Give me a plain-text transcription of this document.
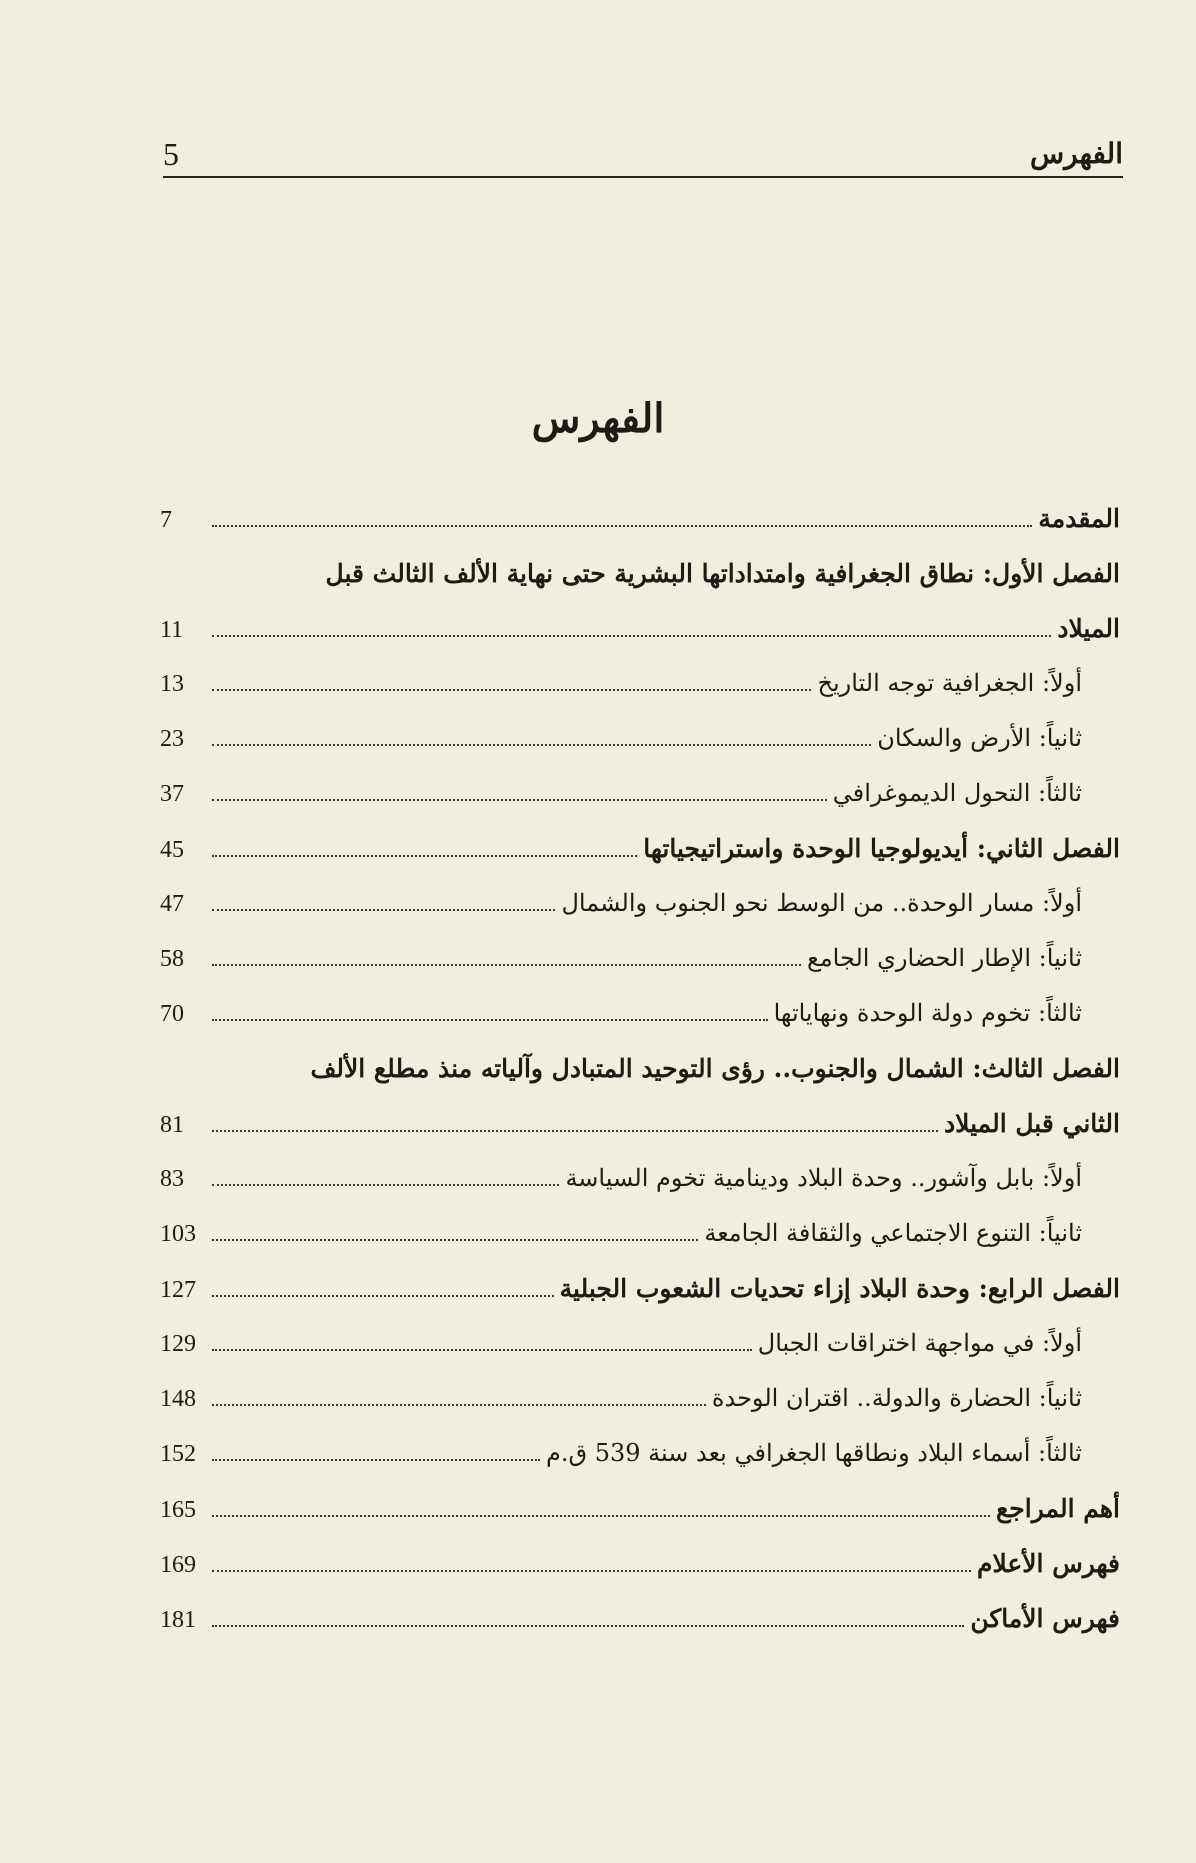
5	الفهرس
الفهرس
المقدمة
7
الفصل الأول: نطاق الجغرافية وامتداداتها البشرية حتى نهاية الألف الثالث قبل
الميلاد
11
أولاً: الجغرافية توجه التاريخ
13
ثانياً: الأرض والسكان
23
ثالثاً: التحول الديموغرافي
37
الفصل الثاني: أيديولوجيا الوحدة واستراتيجياتها
45
أولاً: مسار الوحدة.. من الوسط نحو الجنوب والشمال
47
ثانياً: الإطار الحضاري الجامع
58
ثالثاً: تخوم دولة الوحدة ونهاياتها
70
الفصل الثالث: الشمال والجنوب.. رؤى التوحيد المتبادل وآلياته منذ مطلع الألف
الثاني قبل الميلاد
81
أولاً: بابل وآشور.. وحدة البلاد ودينامية تخوم السياسة
83
ثانياً: التنوع الاجتماعي والثقافة الجامعة
103
الفصل الرابع: وحدة البلاد إزاء تحديات الشعوب الجبلية
127
أولاً: في مواجهة اختراقات الجبال
129
ثانياً: الحضارة والدولة.. اقتران الوحدة
148
ثالثاً: أسماء البلاد ونطاقها الجغرافي بعد سنة 539 ق.م
152
أهم المراجع
165
فهرس الأعلام
169
فهرس الأماكن
181
